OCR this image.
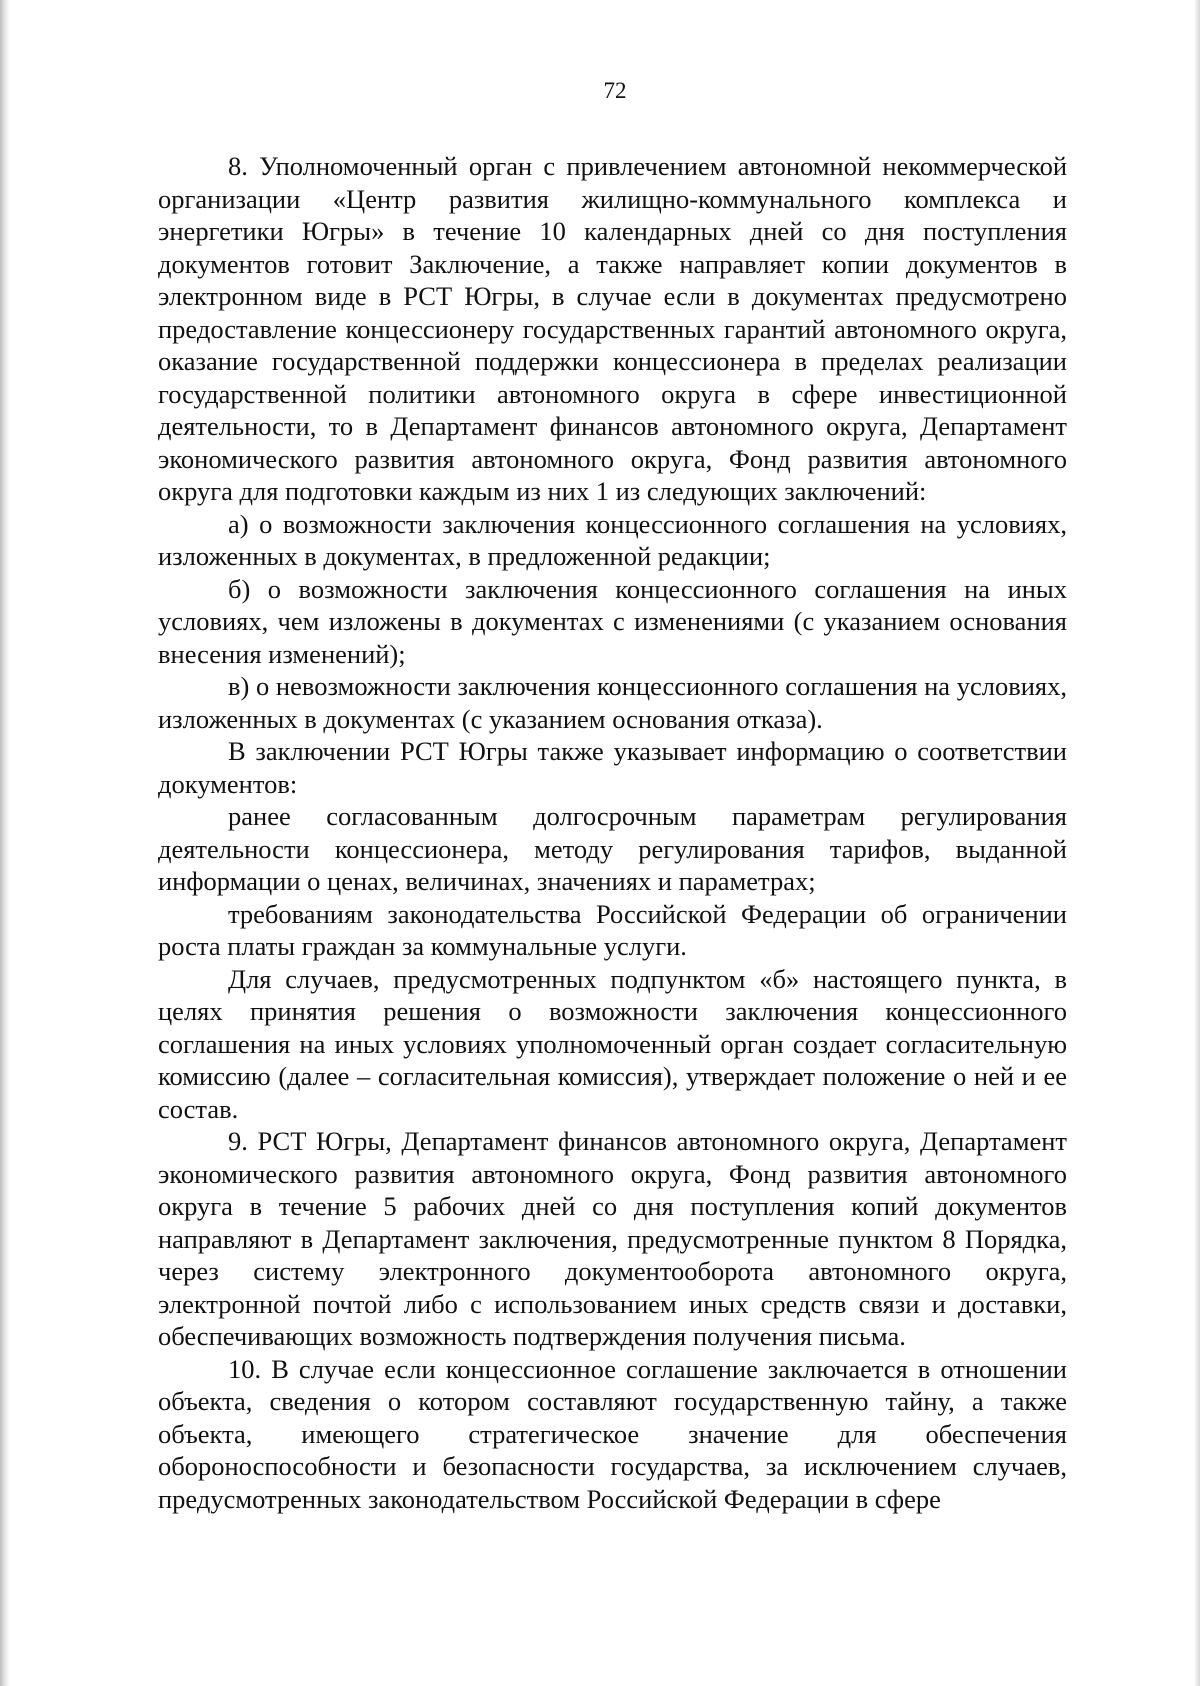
72

8. Уполномоченный орган с привлечением автономной некоммерческой организации «Центр развития жилищно-коммунального комплекса и энергетики Югры» в течение 10 календарных дней со дня поступления документов готовит Заключение, а также направляет копии документов в электронном виде в РСТ Югры, в случае если в документах предусмотрено предоставление концессионеру государственных гарантий автономного округа, оказание государственной поддержки концессионера в пределах реализации государственной политики автономного округа в сфере инвестиционной деятельности, то в Департамент финансов автономного округа, Департамент экономического развития автономного округа, Фонд развития автономного округа для подготовки каждым из них 1 из следующих заключений:

а) о возможности заключения концессионного соглашения на условиях, изложенных в документах, в предложенной редакции;

б) о возможности заключения концессионного соглашения на иных условиях, чем изложены в документах с изменениями (с указанием основания внесения изменений);

в) о невозможности заключения концессионного соглашения на условиях, изложенных в документах (с указанием основания отказа).

В заключении РСТ Югры также указывает информацию о соответствии документов:

ранее согласованным долгосрочным параметрам регулирования деятельности концессионера, методу регулирования тарифов, выданной информации о ценах, величинах, значениях и параметрах;

требованиям законодательства Российской Федерации об ограничении роста платы граждан за коммунальные услуги.

Для случаев, предусмотренных подпунктом «б» настоящего пункта, в целях принятия решения о возможности заключения концессионного соглашения на иных условиях уполномоченный орган создает согласительную комиссию (далее – согласительная комиссия), утверждает положение о ней и ее состав.

9. РСТ Югры, Департамент финансов автономного округа, Департамент экономического развития автономного округа, Фонд развития автономного округа в течение 5 рабочих дней со дня поступления копий документов направляют в Департамент заключения, предусмотренные пунктом 8 Порядка, через систему электронного документооборота автономного округа, электронной почтой либо с использованием иных средств связи и доставки, обеспечивающих возможность подтверждения получения письма.

10. В случае если концессионное соглашение заключается в отношении объекта, сведения о котором составляют государственную тайну, а также объекта, имеющего стратегическое значение для обеспечения обороноспособности и безопасности государства, за исключением случаев, предусмотренных законодательством Российской Федерации в сфере
